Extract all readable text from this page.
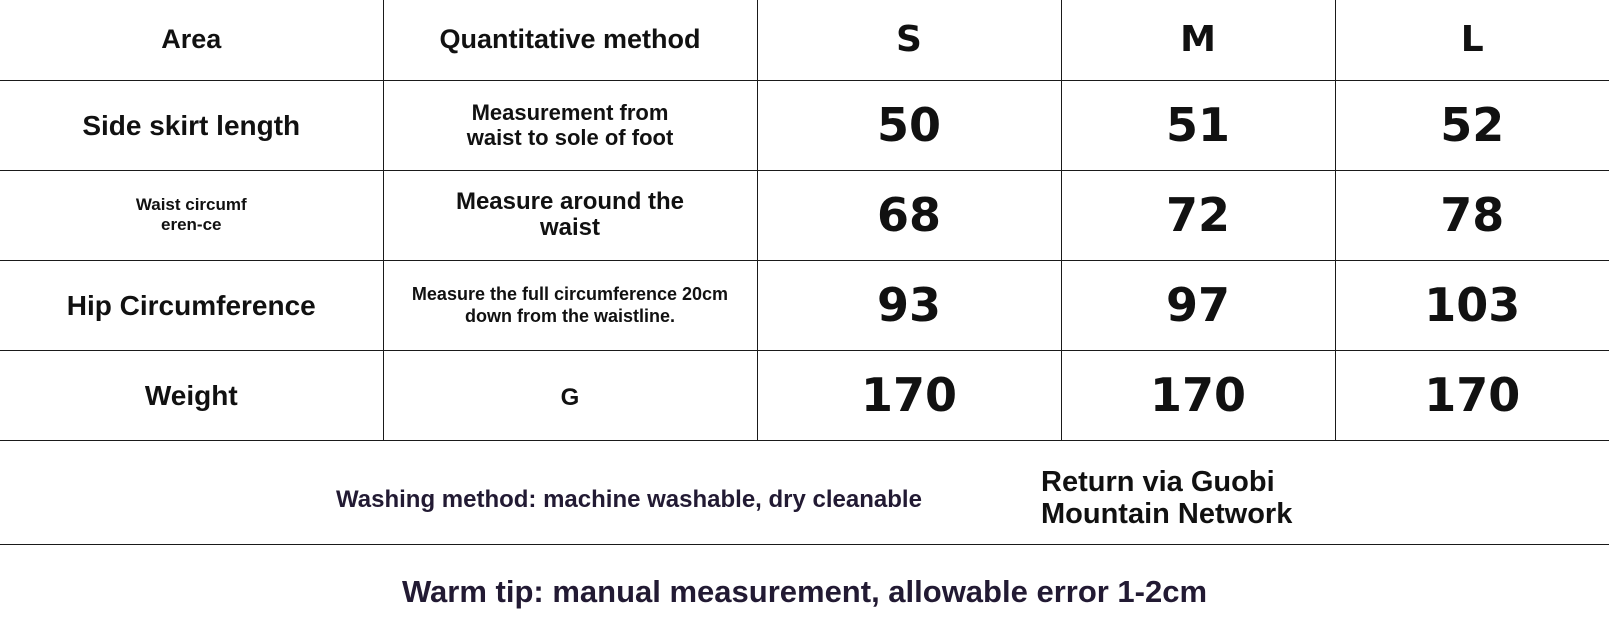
Area	Quantitative method	S	M	L
Side skirt length	Measurement from waist to sole of foot	50	51	52
Waist circumferen-ce	Measure around the waist	68	72	78
Hip Circumference	Measure the full circumference 20cm down from the waistline.	93	97	103
Weight	G	170	170	170
Washing method: machine washable, dry cleanable
Return via Guobi Mountain Network
Warm tip: manual measurement, allowable error 1-2cm
